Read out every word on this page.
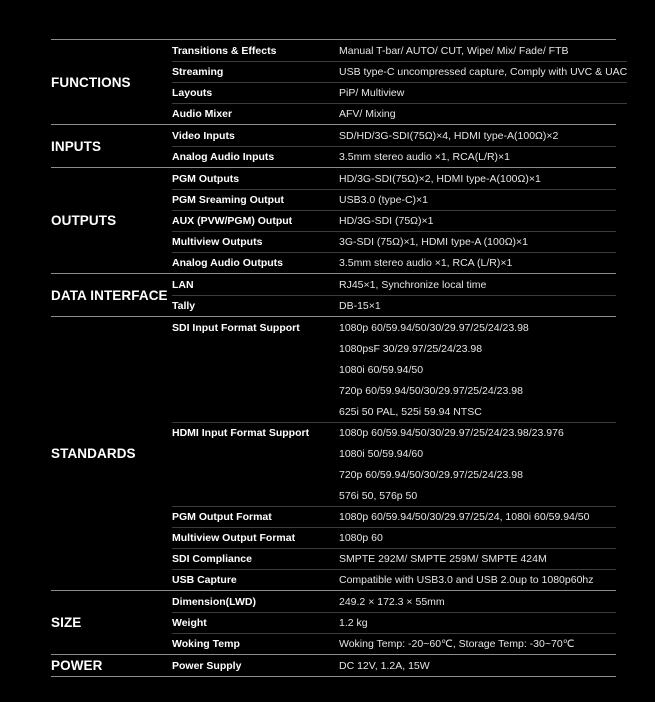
FUNCTIONS
Transitions & Effects	Manual T-bar/ AUTO/ CUT, Wipe/ Mix/ Fade/ FTB
Streaming	USB type-C uncompressed capture, Comply with UVC & UAC
Layouts	PiP/ Multiview
Audio Mixer	AFV/ Mixing
INPUTS
Video Inputs	SD/HD/3G-SDI(75Ω)×4, HDMI type-A(100Ω)×2
Analog Audio Inputs	3.5mm stereo audio ×1, RCA(L/R)×1
OUTPUTS
PGM Outputs	HD/3G-SDI(75Ω)×2, HDMI type-A(100Ω)×1
PGM Sreaming Output	USB3.0 (type-C)×1
AUX (PVW/PGM) Output	HD/3G-SDI (75Ω)×1
Multiview Outputs	3G-SDI (75Ω)×1, HDMI type-A (100Ω)×1
Analog Audio Outputs	3.5mm stereo audio ×1, RCA (L/R)×1
DATA INTERFACE
LAN	RJ45×1, Synchronize local time
Tally	DB-15×1
STANDARDS
SDI Input Format Support	1080p 60/59.94/50/30/29.97/25/24/23.98
1080psF 30/29.97/25/24/23.98
1080i 60/59.94/50
720p 60/59.94/50/30/29.97/25/24/23.98
625i 50 PAL, 525i 59.94 NTSC
HDMI Input Format Support	1080p 60/59.94/50/30/29.97/25/24/23.98/23.976
1080i 50/59.94/60
720p 60/59.94/50/30/29.97/25/24/23.98
576i 50, 576p 50
PGM Output Format	1080p 60/59.94/50/30/29.97/25/24, 1080i 60/59.94/50
Multiview Output Format	1080p 60
SDI Compliance	SMPTE 292M/ SMPTE 259M/ SMPTE 424M
USB Capture	Compatible with USB3.0 and USB 2.0up to 1080p60hz
SIZE
Dimension(LWD)	249.2 × 172.3 × 55mm
Weight	1.2 kg
Woking Temp	Woking Temp: -20~60℃, Storage Temp: -30~70℃
POWER	Power Supply	DC 12V, 1.2A, 15W
